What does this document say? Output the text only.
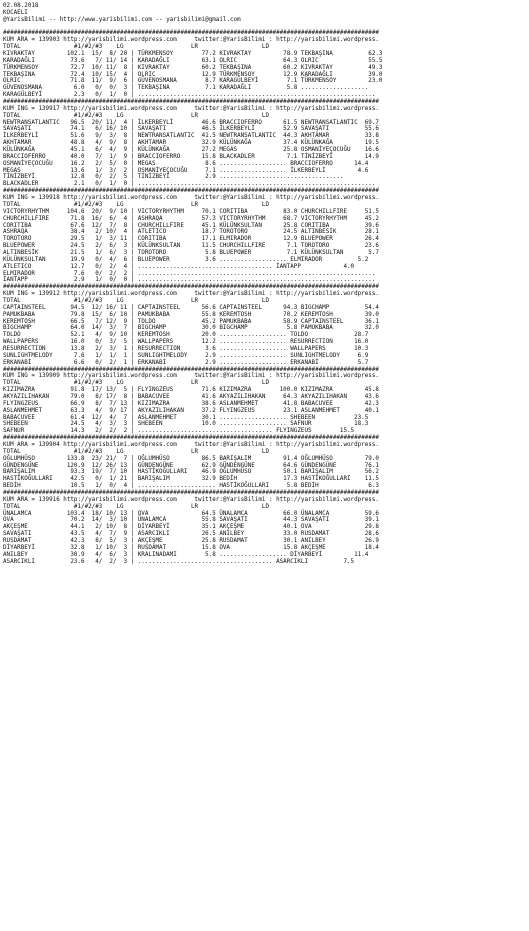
02.08.2018
KOCAELI
@YarisBilimi -- http://www.yarisbilimi.com -- yarisbilimi@gmail.com
##########################################################################################################
KUM ARA = 139903 http://yarisbilimi.wordpress.com     twitter:@YarisBilimi : http://yarisbilimi.wordpress.
TOTAL               #1/#2/#3    LG                   LR                  LD
KIVRAKTAY         102.1  15/  8/ 20 | TÜRKMENSOY        77.2 KIVRAKTAY         78.9 TEKBAŞINA          62.3
KARADAĞLI          73.6   7/ 11/ 14 | KARADAĞLI         63.1 OLRIC             64.3 OLRIC              55.5
TÜRKMENSOY         72.7  10/ 11/  8 | KIVRAKTAY         60.2 TEKBAŞINA         60.2 KIVRAKTAY          49.3
TEKBAŞINA          72.4  10/ 15/  4 | OLRIC             12.9 TÜRKMENSOY        12.9 KARADAĞLI          39.0
OLRIC              71.8  11/  9/  6 | GÜVENOSMANA        8.7 KARAGÜLBEYİ        7.1 TÜRKMENSOY         23.0
GÜVENOSMANA         6.0   0/  0/  3 | TEKBAŞINA          7.1 KARADAĞLI          5.8 ...................
KARAGÜLBEYİ         2.3   0/  1/  0 | ...................................................................
##########################################################################################################
KUM ING = 139917 http://yarisbilimi.wordpress.com     twitter:@YarisBilimi : http://yarisbilimi.wordpress.
TOTAL               #1/#2/#3    LG                   LR                  LD
NEWTRANSATLANTIC   96.5  20/ 11/  4 | İLKERBEYLİ        46.6 BRACCIOFERRO      61.5 NEWTRANSATLANTIC  69.7
SAVAŞATI           74.1   6/ 16/ 10 | SAVAŞATI          46.5 İLKERBEYLİ        52.9 SAVAŞATI          55.6
İLKERBEYLİ         51.6   9/  3/  8 | NEWTRANSATLANTIC  41.5 NEWTRANSATLANTIC  44.3 AKHTAMAR          33.8
AKHTAMAR           48.8   4/  9/  8 | AKHTAMAR          32.9 KÜLÜNKAĞA         37.4 KÜLÜNKAĞA         19.5
KÜLÜNKAĞA          45.1   6/  4/  9 | KÜLÜNKAĞA         27.2 MEGAS             25.8 OSMANİYEÇOCUĞU    16.6
BRACCIOFERRO       40.0   7/  1/  9 | BRACCIOFERRO      15.8 BLACKADLER         7.1 TİNİZBEYİ         14.9
OSMANİYEÇOCUĞU     16.2   2/  5/  0 | MEGAS              8.6 ................... BRACCIOFERRO      14.4
MEGAS              13.6   1/  3/  2 | OSMANİYEÇOCUĞU     7.1 ................... İLKERBEYLİ         4.6
TİNİZBEYİ          12.8   0/  2/  5 | TİNİZBEYİ          2.9 ...................................
BLACKADLER          2.1   0/  1/  0 | ...................................................................
##########################################################################################################
KUM ING = 139918 http://yarisbilimi.wordpress.com     twitter:@YarisBilimi : http://yarisbilimi.wordpress.
TOTAL               #1/#2/#3    LG                   LR                  LD
VICTORYRHYTHM     104.6  20/  9/ 10 | VICTORYRHYTHM     70.1 CORITIBA          83.0 CHURCHILLFIRE     51.5
CHURCHILLFIRE      71.8  16/  6/  4 | ASHRAQA           57.3 VICTORYRHYTHM     68.7 VICTORYRHYTHM     45.2
CORITIBA           67.6  12/  7/  8 | CHURCHILLFIRE     45.1 KÜLÜNKSULTAN      25.8 CORITIBA          39.6
ASHRAQA            38.4   2/ 10/  4 | ATLETICO          18.7 TOROTORO          24.5 ALTINBESİK        28.1
TOROTORO           29.5   1/  3/ 11 | CORITIBA          17.1 ELMIRADOR         12.9 BLUEPOWER         26.4
BLUEPOWER          24.5   2/  6/  3 | KÜLÜNKSULTAN      11.5 CHURCHILLFIRE      7.1 TOROTORO          23.6
ALTINBESİK         21.5   1/  6/  3 | TOROTORO           5.8 BLUEPOWER          7.1 KÜLÜNKSULTAN       5.7
KÜLÜNKSULTAN       19.9   0/  4/  6 | BLUEPOWER          3.6 ................... ELMIRADOR          5.2
ATLETICO           12.7   0/  2/  4 | ...................................... İANTAPP            4.0
ELMIRADOR           7.6   0/  2/  2 | ...................................................................
İANTAPP             2.9   1/  0/  0 | ...................................................................
##########################################################################################################
KUM ING = 139912 http://yarisbilimi.wordpress.com     twitter:@YarisBilimi : http://yarisbilimi.wordpress.
TOTAL               #1/#2/#3    LG                   LR                  LD
CAPTAINSTEEL       94.5  12/ 16/ 11 | CAPTAINSTEEL      56.6 CAPTAINSTEEL      94.3 BIGCHAMP          54.4
PAMUKBABA          79.8  15/  6/ 10 | PAMUKBABA         55.8 KEREMTOSH         70.2 KEREMTOSH         39.0
KEREMTOSH          66.5   7/ 12/  9 | TOLDO             45.2 PAMUKBABA         58.9 CAPTAINSTEEL      36.1
BIGCHAMP           64.0  14/  3/  7 | BIGCHAMP          30.0 BIGCHAMP           5.8 PAMUKBABA         32.0
TOLDO              52.1   4/  9/ 10 | KEREMTOSH         20.0 ................... TOLDO             28.7
WALLPAPERS         16.0   0/  3/  5 | WALLPAPERS        12.2 ................... RESURRECTION      16.0
RESURRECTION       13.8   2/  3/  1 | RESURRECTION       3.6 ................... WALLPAPERS        10.3
SUNLIGHTMELODY      7.6   1/  1/  1 | SUNLIGHTMELODY     2.9 ................... SUNLIGHTMELODY     6.9
ERKANABİ            6.6   0/  2/  1 | ERKANABİ           2.9 ................... ERKANABİ           5.7
##########################################################################################################
KUM ING = 139909 http://yarisbilimi.wordpress.com     twitter:@YarisBilimi : http://yarisbilimi.wordpress.
TOTAL               #1/#2/#3    LG                   LR                  LD
KIZIMAZRA          91.8  17/ 13/  5 | FLYINGZEUS        71.6 KIZIMAZRA        100.0 KIZIMAZRA         45.8
AKYAZILIHAKAN      79.0   8/ 17/  8 | BABACUVEE         41.6 AKYAZILIHAKAN     64.3 AKYAZILIHAKAN     43.6
FLYINGZEUS         66.9   8/  7/ 13 | KIZIMAZRA         38.6 ASLANMEHMET       41.8 BABACUVEE         42.3
ASLANMEHMET        63.3   4/  9/ 17 | AKYAZILIHAKAN     37.2 FLYINGZEUS        23.1 ASLANMEHMET       40.1
BABACUVEE          61.4  12/  4/  7 | ASLANMEHMET       30.1 ................... SHEBEEN           23.5
SHEBEEN            24.5   4/  3/  3 | SHEBEEN           10.0 ................... SAFNUR            18.3
SAFNUR             14.3   2/  2/  2 | ...................................... FLYINGZEUS        15.5
##########################################################################################################
KUM ARA = 139904 http://yarisbilimi.wordpress.com     twitter:@YarisBilimi : http://yarisbilimi.wordpress.
TOTAL               #1/#2/#3    LG                   LR                  LD
OĞLUMHÜSO         133.8  23/ 21/  7 | OĞLUMHÜSO         86.5 BARIŞALIM         91.4 OĞLUMHÜSO         79.0
GÜNDENGÜNE        120.9  12/ 26/ 13 | GÜNDENGÜNE        62.9 GÜNDENGÜNE        64.6 GÜNDENGÜNE        76.1
BARIŞALIM          93.3  19/  7/ 10 | HASTİKOĞULLARI    46.9 OĞLUMHÜSO         50.1 BARIŞALIM         56.2
HASTİKOĞULLARI     42.5   0/  1/ 21 | BARIŞALIM         32.9 BEDİH             17.3 HASTİKOĞULLARI    11.5
BEDİH              10.5   1/  0/  4 | ...................... HASTİKOĞULLARI     5.8 BEDİH              6.3
##########################################################################################################
KUM ARA = 139916 http://yarisbilimi.wordpress.com     twitter:@YarisBilimi : http://yarisbilimi.wordpress.
TOTAL               #1/#2/#3    LG                   LR                  LD
ÜNALAMCA          103.4  18/ 10/ 13 | OVA               64.5 ÜNALAMCA          66.0 ÜNALAMCA          59.6
OVA                70.2  14/  3/ 10 | ÜNALAMCA          55.8 SAVAŞATI          44.3 SAVAŞATI          39.1
AKÇEŞME            44.1   2/ 10/  8 | DİYARBEYİ         35.1 AKÇEŞME           40.1 OVA               29.8
SAVAŞATI           43.5   4/  7/  9 | ASARCIKLI         26.5 ANILBEY           33.0 RUSDAMAT          28.6
RUSDAMAT           42.3   8/  5/  3 | AKÇEŞME           25.8 RUSDAMAT          30.1 ANILBEY           26.9
DİYARBEYİ          32.8   1/ 10/  3 | RUSDAMAT          15.8 OVA               15.8 AKÇEŞME           18.4
ANILBEY            30.9   4/  6/  3 | KRALINADAMI        5.8 ................... DİYARBEYİ         11.4
ASARCIKLI          23.6   4/  2/  3 | ...................................... ASARCIKLI          7.5
